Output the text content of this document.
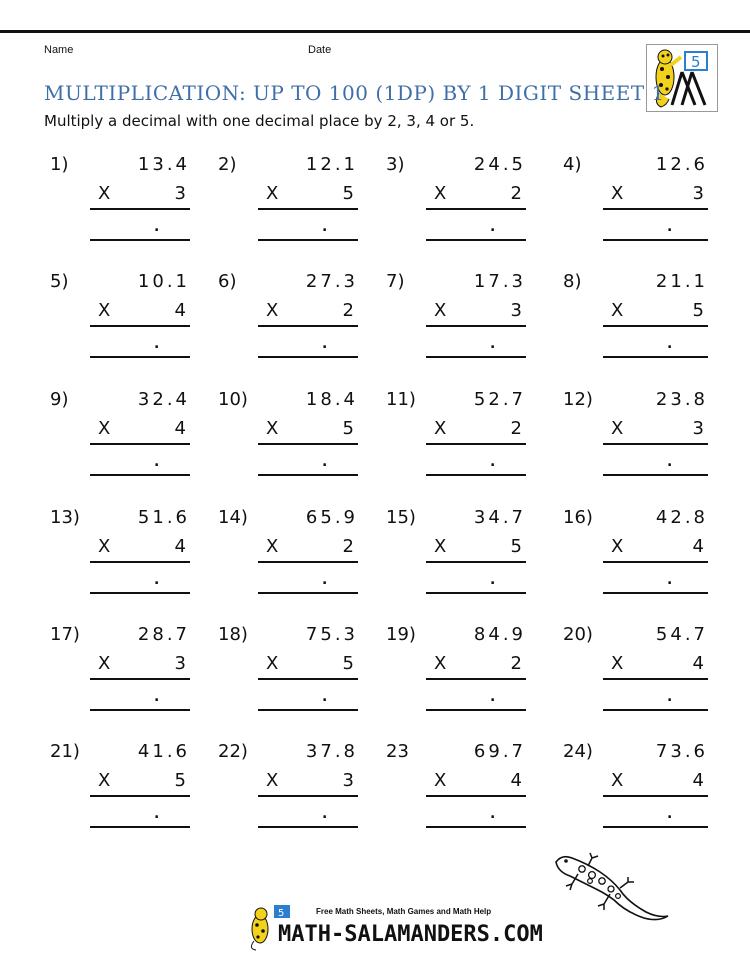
Name	Date
5
MULTIPLICATION: UP TO 100 (1DP) BY 1 DIGIT SHEET 1
Multiply a decimal with one decimal place by 2, 3, 4 or 5.
1)	13.4
X	3
.
2)	12.1
X	5
.
3)	24.5
X	2
.
4)	12.6
X	3
.
5)	10.1
X	4
.
6)	27.3
X	2
.
7)	17.3
X	3
.
8)	21.1
X	5
.
9)	32.4
X	4
.
10)	18.4
X	5
.
11)	52.7
X	2
.
12)	23.8
X	3
.
13)	51.6
X	4
.
14)	65.9
X	2
.
15)	34.7
X	5
.
16)	42.8
X	4
.
17)	28.7
X	3
.
18)	75.3
X	5
.
19)	84.9
X	2
.
20)	54.7
X	4
.
21)	41.6
X	5
.
22)	37.8
X	3
.
23	69.7
X	4
.
24)	73.6
X	4
.
5	Free Math Sheets, Math Games and Math Help
MATH-SALAMANDERS.COM
